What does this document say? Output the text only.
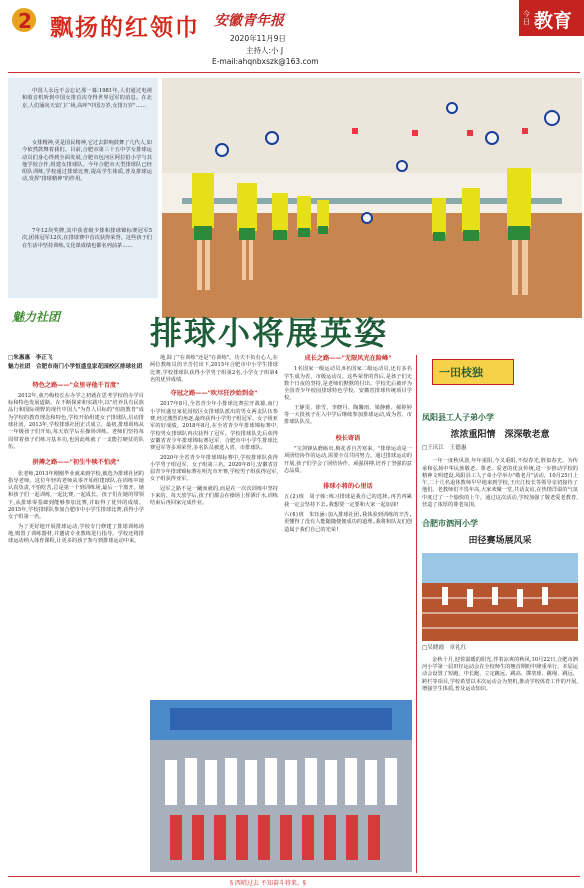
2 飘扬的红领巾 安徽青年报
2020年11月9日
主持人:小 J
E-mail:ahqnbxszk@163.com
今日 教育
中国人永远不会忘记那一幕:1981年,人们通过电视和收音机听到中国女排首次夺得世界冠军的消息。在北京,人们涌向天安门广场,高呼"中国万岁,女排万岁"……
女排精神,更是国民精神,它过去影响鼓舞了几代人,如今依然鼓舞着我们。目前,合肥市第三十五中学女排球运动员们身心得到全面发展,合肥市包河区阿拉伯小学与其他学校合作,组建女排球队。今年合肥市大型排球队已经组队训练,学校通过排球比赛,提高学生体质,普及排球运动,发挥"排球精神"的作用。
7年12块奖牌,其中获省级少排和排球锦标赛冠军5次,团体冠军12次,在排球赛中首次获得荣誉。这些孩子们在生活中坚持训练,文化课成绩也都名列前茅……
魅力社团	排球小将展英姿
□朱惠惠　李正飞
魅力社团　合肥市南门小学恒盛皇家花园校区排球社团
特色之路——"众里寻他千百度"
2012年,童乃梅校长在办学之初就在思考学校的办学目标和特色发展道路。在不断探索和实践中,以"培养具有民族品行和国际视野的现代中国人"为育人目标的"恒韵教育"成为学校的教育理念和特色,学校开始组建女子排球队,启动排球社团。2013年,学校排球社团正式成立。最初,排球训练从一年级孩子们开始,每天放学后在操场训练。老师们坚持每周带着孩子们练习基本功,也因此练就了一支能打硬仗的队伍。
拼搏之路——"初生牛犊不怕虎"
张老师,2013年刚刚毕业就来到学校,被选为排球社团的指导老师。这位年轻的老师从零开始组建球队,在训练中她认真负责,不怕吃苦,总是第一个到训练场,最后一个离开。她和孩子们一起训练,一起比赛,一起成长。孩子们在她的带领下,从排球零基础到能够参加比赛,并取得了优异的成绩。2015年,学校排球队参加合肥市中小学生排球比赛,获得小学女子组第一名。
为了更好地开展排球运动,学校专门修建了排球训练场地,购置了训练器材,并邀请专业教练进行指导。学校还将排球运动纳入体育课程,让更多的孩子参与到排球运动中来。
地,除了"在训练"还是"在训练"。功夫不负有心人,在两位教练员的辛苦付出下,2015年合肥市中小学生排球比赛,学校排球队获得小学男子组第2名,小学女子组第4名的优异成绩。
夺冠之路——"吹尽狂沙始到金"
2017年8月,全省青少年小排球比赛拉开战幕,南门小学恒盛皇家花园校区女排球队派出的男女两支队伍参赛,经过激烈的角逐,最终获得小学男子组冠军、女子组亚军的好成绩。2018年8月,在全省青少年排球锦标赛中,学校男女排球队再次获得了冠军。学校排球队先后获得安徽省青少年排球锦标赛冠军、合肥市中小学生排球比赛冠军等多项荣誉,多名队员被选入省、市排球队。
2020年全省青少年排球锦标赛中,学校排球队获得小学男子组冠军、女子组第三名。2020年8月,安徽省首届青少年排球锦标赛在明光市开赛,学校男子组获得冠军,女子组获得亚军。
冠军之路不是一蹴而就的,而是在一次次训练中坚持下来的。每天放学后,孩子们都会在操场上挥洒汗水,训练结束后再回家完成作业。
成长之路——"无限风光在险峰"
1名国家一级运动员,6名国家二级运动员,还有多名学生成为省、市级运动员。这些荣誉的背后,是孩子们无数个日夜的坚持,是老师们默默的付出。学校先后被评为全国青少年校园排球特色学校、安徽省排球传统项目学校。
王静雯、徐雪、李晓丹、陶馨雨、梁静雅、郝婷婷等一大批孩子在入中学后继续参加排球运动,成为省、市排球队队员。
校长寄语
"宝剑锋从磨砺出,梅花香自苦寒来。"排球运动是一项团结协作的运动,需要全员共同努力。通过排球运动的开展,孩子们学会了团结协作、顽强拼搏,培养了坚强的意志品质。
排球小将的心里话
五(2)班　周子韩:练习排球是我自己的选择,再苦再累我一定会坚持下去,我想要一定要和大家一起加油!
六(6)班　朱钰涵:加入排球社团,我体验到训练的辛苦,更懂得了没有人能随随便便成功的道理,我将和队友们创造属于我们自己的光荣!
一田枝独
凤阳县工人子弟小学
浓浓重阳情　深深敬老意
□王庆江　王德惠
一年一度秋风劲,年年重阳,今又重阳,不似春光,胜似春光。为传承和弘扬中华民族敬老、尊老、爱老的优良传统,进一步推动学校的精神文明建设,凤阳县工人子弟小学举办"敬老月"活动。10月25日上午,二十几名退休教师早早地来到学校,王庆江校长等领导亲切接待了他们。老教师们不畏年高,大家欢聚一堂,共话友谊,在热情洋溢的气氛中度过了一个愉快的上午。通过这次活动,学校加强了敬老爱老教育,营造了浓厚的尊老氛围。
合肥市泗河小学
田径赛场展风采
□吴晓霞　章礼红
金秋十月,迎着温暖的阳光,伴着凉爽的秋风,10月22日,合肥市泗河小学第一届田径运动会在全校师生的翘首期盼中隆重举行。本届运动会设置了短跑、中长跑、立定跳远、跳高、掷垒球、跳绳、跳远、跨栏等项目,学校希望以本次运动会为契机,推动学校体育工作的开展,增强学生体质,普及运动知识。
§ 西哨过去 不知奋斗将来。§
